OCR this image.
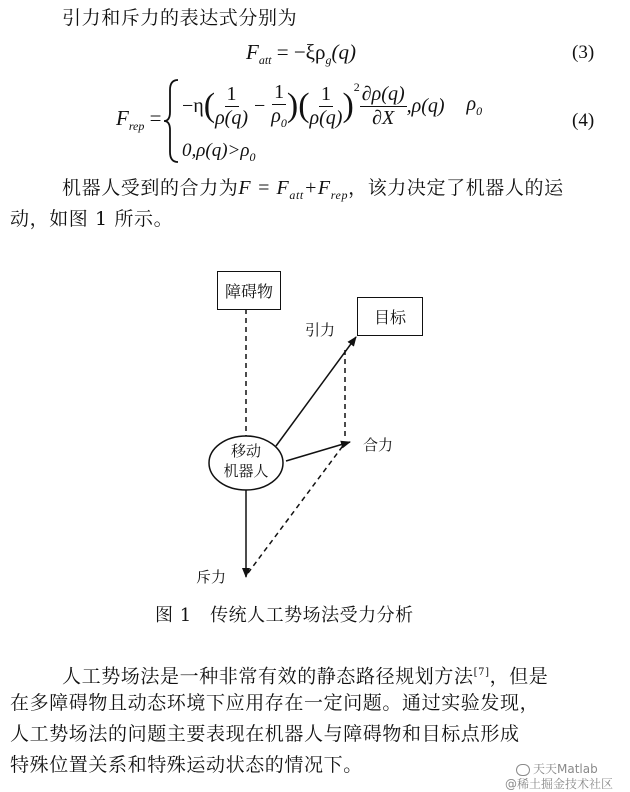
引力和斥力的表达式分别为
$F_{att} = -\xi\rho_g(q)$	(3)
$F_{rep}$ =
−η ( $\frac{1}{\rho(q)} - \frac{1}{\rho_0}$ )( $\frac{1}{\rho(q)} )^2 \frac{\partial\rho(q)}{\partial X} ,\rho(q)$ $\rho_0$
$0,\rho(q)>\rho_0$
(4)
机器人受到的合力为$F = F_{att}+F_{rep}$，该力决定了机器人的运
动，如图 1 所示。
障碍物
目标
移动
机器人
引力
合力
斥力
图 1　传统人工势场法受力分析
人工势场法是一种非常有效的静态路径规划方法[7]，但是
在多障碍物且动态环境下应用存在一定问题。通过实验发现，
人工势场法的问题主要表现在机器人与障碍物和目标点形成
特殊位置关系和特殊运动状态的情况下。	天天Matlab
@稀土掘金技术社区
